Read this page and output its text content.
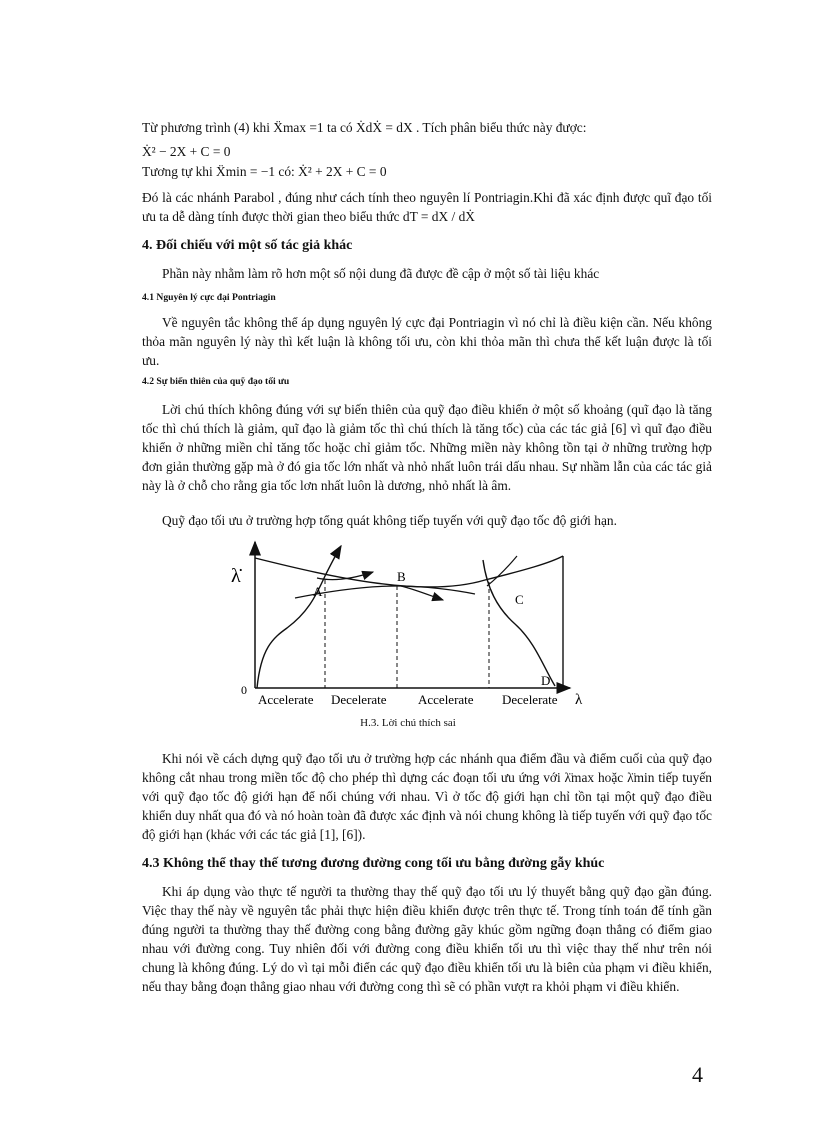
Từ phương trình (4) khi Ẍmax =1 ta có ẊdẊ = dX . Tích phân biểu thức này được:

Ẋ² − 2X + C = 0

Tương tự khi Ẍmin = −1 có: Ẋ² + 2X + C = 0

Đó là các nhánh Parabol , đúng như cách tính theo nguyên lí Pontriagin.Khi đã xác định được quĩ đạo tối ưu ta dễ dàng tính được thời gian theo biểu thức dT = dX / dẊ

4. Đối chiếu với một số tác giả khác

Phần này nhằm làm rõ hơn một số nội dung đã được đề cập ở một số tài liệu khác

4.1 Nguyên lý cực đại Pontriagin

Về nguyên tắc không thể áp dụng nguyên lý cực đại Pontriagin vì nó chỉ là điều kiện cần. Nếu không thỏa mãn nguyên lý này thì kết luận là không tối ưu, còn khi thỏa mãn thì chưa thể kết luận được là tối ưu.

4.2 Sự biến thiên của quỹ đạo tối ưu

Lời chú thích không đúng với sự biến thiên của quỹ đạo điều khiển ở một số khoảng (quĩ đạo là tăng tốc thì chú thích là giảm, quĩ đạo là giảm tốc thì chú thích là tăng tốc) của các tác giả [6] vì quĩ đạo điều khiển ở những miền chỉ tăng tốc hoặc chỉ giảm tốc. Những miền này không tồn tại ở những trường hợp đơn giản thường gặp mà ở đó gia tốc lớn nhất và nhỏ nhất luôn trái dấu nhau. Sự nhầm lẫn của các tác giả này là ở chỗ cho rằng gia tốc lơn nhất luôn là dương, nhỏ nhất là âm.

Quỹ đạo tối ưu ở trường hợp tổng quát không tiếp tuyến với quỹ đạo tốc độ giới hạn.

λ̇
0
A
B
C
D
Accelerate Decelerate Accelerate Decelerate λ
H.3. Lời chú thích sai

Khi nói về cách dựng quỹ đạo tối ưu ở trường hợp các nhánh qua điểm đầu và điểm cuối của quỹ đạo không cắt nhau trong miền tốc độ cho phép thì dựng các đoạn tối ưu ứng với λ̈max hoặc λ̈min tiếp tuyến với quỹ đạo tốc độ giới hạn để nối chúng với nhau. Vì ở tốc độ giới hạn chỉ tồn tại một quỹ đạo điều khiển duy nhất qua đó và nó hoàn toàn đã được xác định và nói chung không là tiếp tuyến với quỹ đạo tốc độ giới hạn (khác với các tác giả [1], [6]).

4.3 Không thể thay thế tương đương đường cong tối ưu bằng đường gẫy khúc

Khi áp dụng vào thực tế người ta thường thay thế quỹ đạo tối ưu lý thuyết bằng quỹ đạo gần đúng. Việc thay thế này về nguyên tắc phải thực hiện điều khiển được trên thực tế. Trong tính toán để tính gần đúng người ta thường thay thế đường cong bằng đường gãy khúc gồm ngững đoạn thẳng có điểm giao nhau với đường cong. Tuy nhiên đối với đường cong điều khiển tối ưu thì việc thay thế như trên nói chung là không đúng. Lý do vì tại mỗi điển các quỹ đạo điều khiển tối ưu là biên của phạm vi điều khiển, nếu thay bằng đoạn thẳng giao nhau với đường cong thì sẽ có phần vượt ra khỏi phạm vi điều khiển.

4
